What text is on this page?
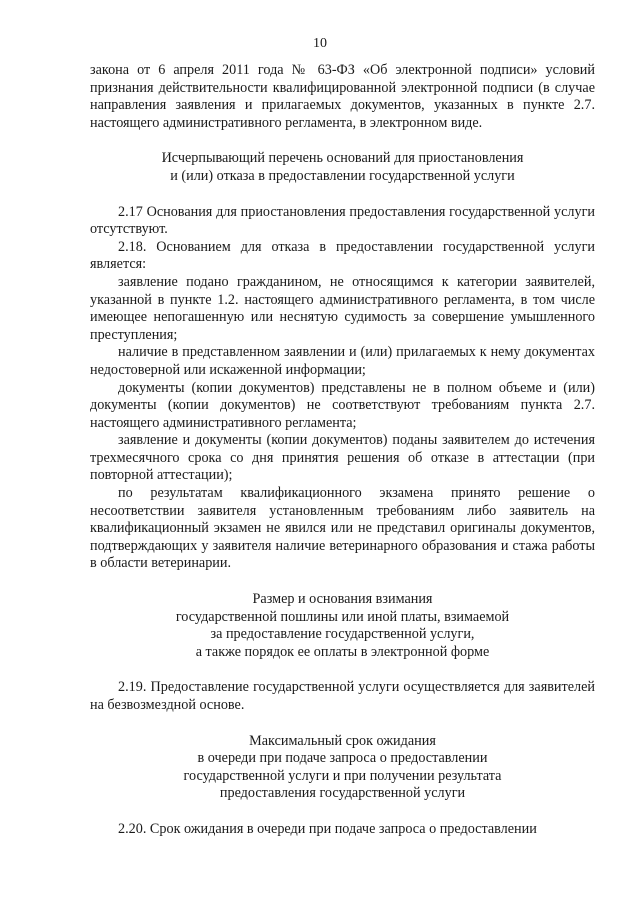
10

закона от 6 апреля 2011 года № 63-ФЗ «Об электронной подписи» условий признания действительности квалифицированной электронной подписи (в случае направления заявления и прилагаемых документов, указанных в пункте 2.7. настоящего административного регламента, в электронном виде.

Исчерпывающий перечень оснований для приостановления
и (или) отказа в предоставлении государственной услуги

2.17 Основания для приостановления предоставления государственной услуги отсутствуют.

2.18. Основанием для отказа в предоставлении государственной услуги является:

заявление подано гражданином, не относящимся к категории заявителей, указанной в пункте 1.2. настоящего административного регламента, в том числе имеющее непогашенную или неснятую судимость за совершение умышленного преступления;

наличие в представленном заявлении и (или) прилагаемых к нему документах недостоверной или искаженной информации;

документы (копии документов) представлены не в полном объеме и (или) документы (копии документов) не соответствуют требованиям пункта 2.7. настоящего административного регламента;

заявление и документы (копии документов) поданы заявителем до истечения трехмесячного срока со дня принятия решения об отказе в аттестации (при повторной аттестации);

по результатам квалификационного экзамена принято решение о несоответствии заявителя установленным требованиям либо заявитель на квалификационный экзамен не явился или не представил оригиналы документов, подтверждающих у заявителя наличие ветеринарного образования и стажа работы в области ветеринарии.

Размер и основания взимания
государственной пошлины или иной платы, взимаемой
за предоставление государственной услуги,
а также порядок ее оплаты в электронной форме

2.19. Предоставление государственной услуги осуществляется для заявителей на безвозмездной основе.

Максимальный срок ожидания
в очереди при подаче запроса о предоставлении
государственной услуги и при получении результата
предоставления государственной услуги

2.20. Срок ожидания в очереди при подаче запроса о предоставлении
